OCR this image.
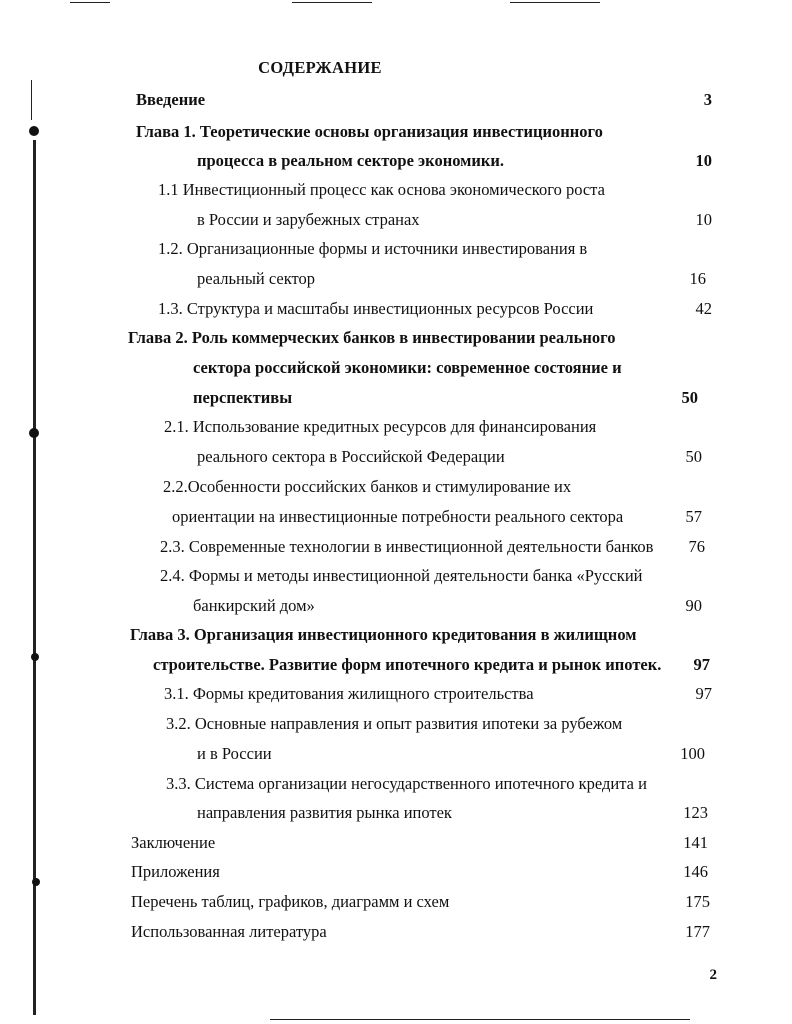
СОДЕРЖАНИЕ
Введение	3
Глава 1. Теоретические основы организация инвестиционного
процесса в реальном секторе экономики.	10
1.1 Инвестиционный процесс как основа экономического роста
в России и зарубежных странах	10
1.2. Организационные формы и источники инвестирования в
реальный сектор	16
1.3. Структура и масштабы инвестиционных ресурсов России	42
Глава 2. Роль коммерческих банков в инвестировании реального
сектора российской экономики: современное состояние и
перспективы	50
2.1. Использование кредитных ресурсов для финансирования
реального сектора в Российской Федерации	50
2.2.Особенности российских банков и стимулирование их
ориентации на инвестиционные потребности реального сектора	57
2.3. Современные технологии в инвестиционной деятельности банков	76
2.4. Формы и методы инвестиционной деятельности банка «Русский
банкирский дом»	90
Глава 3. Организация инвестиционного кредитования в жилищном
строительстве. Развитие форм ипотечного кредита и рынок ипотек.	97
3.1. Формы кредитования жилищного строительства	97
3.2. Основные направления и опыт развития ипотеки за рубежом
и в России	100
3.3. Система организации негосударственного ипотечного кредита и
направления развития рынка ипотек	123
Заключение	141
Приложения	146
Перечень таблиц, графиков, диаграмм и схем	175
Использованная литература	177
2
